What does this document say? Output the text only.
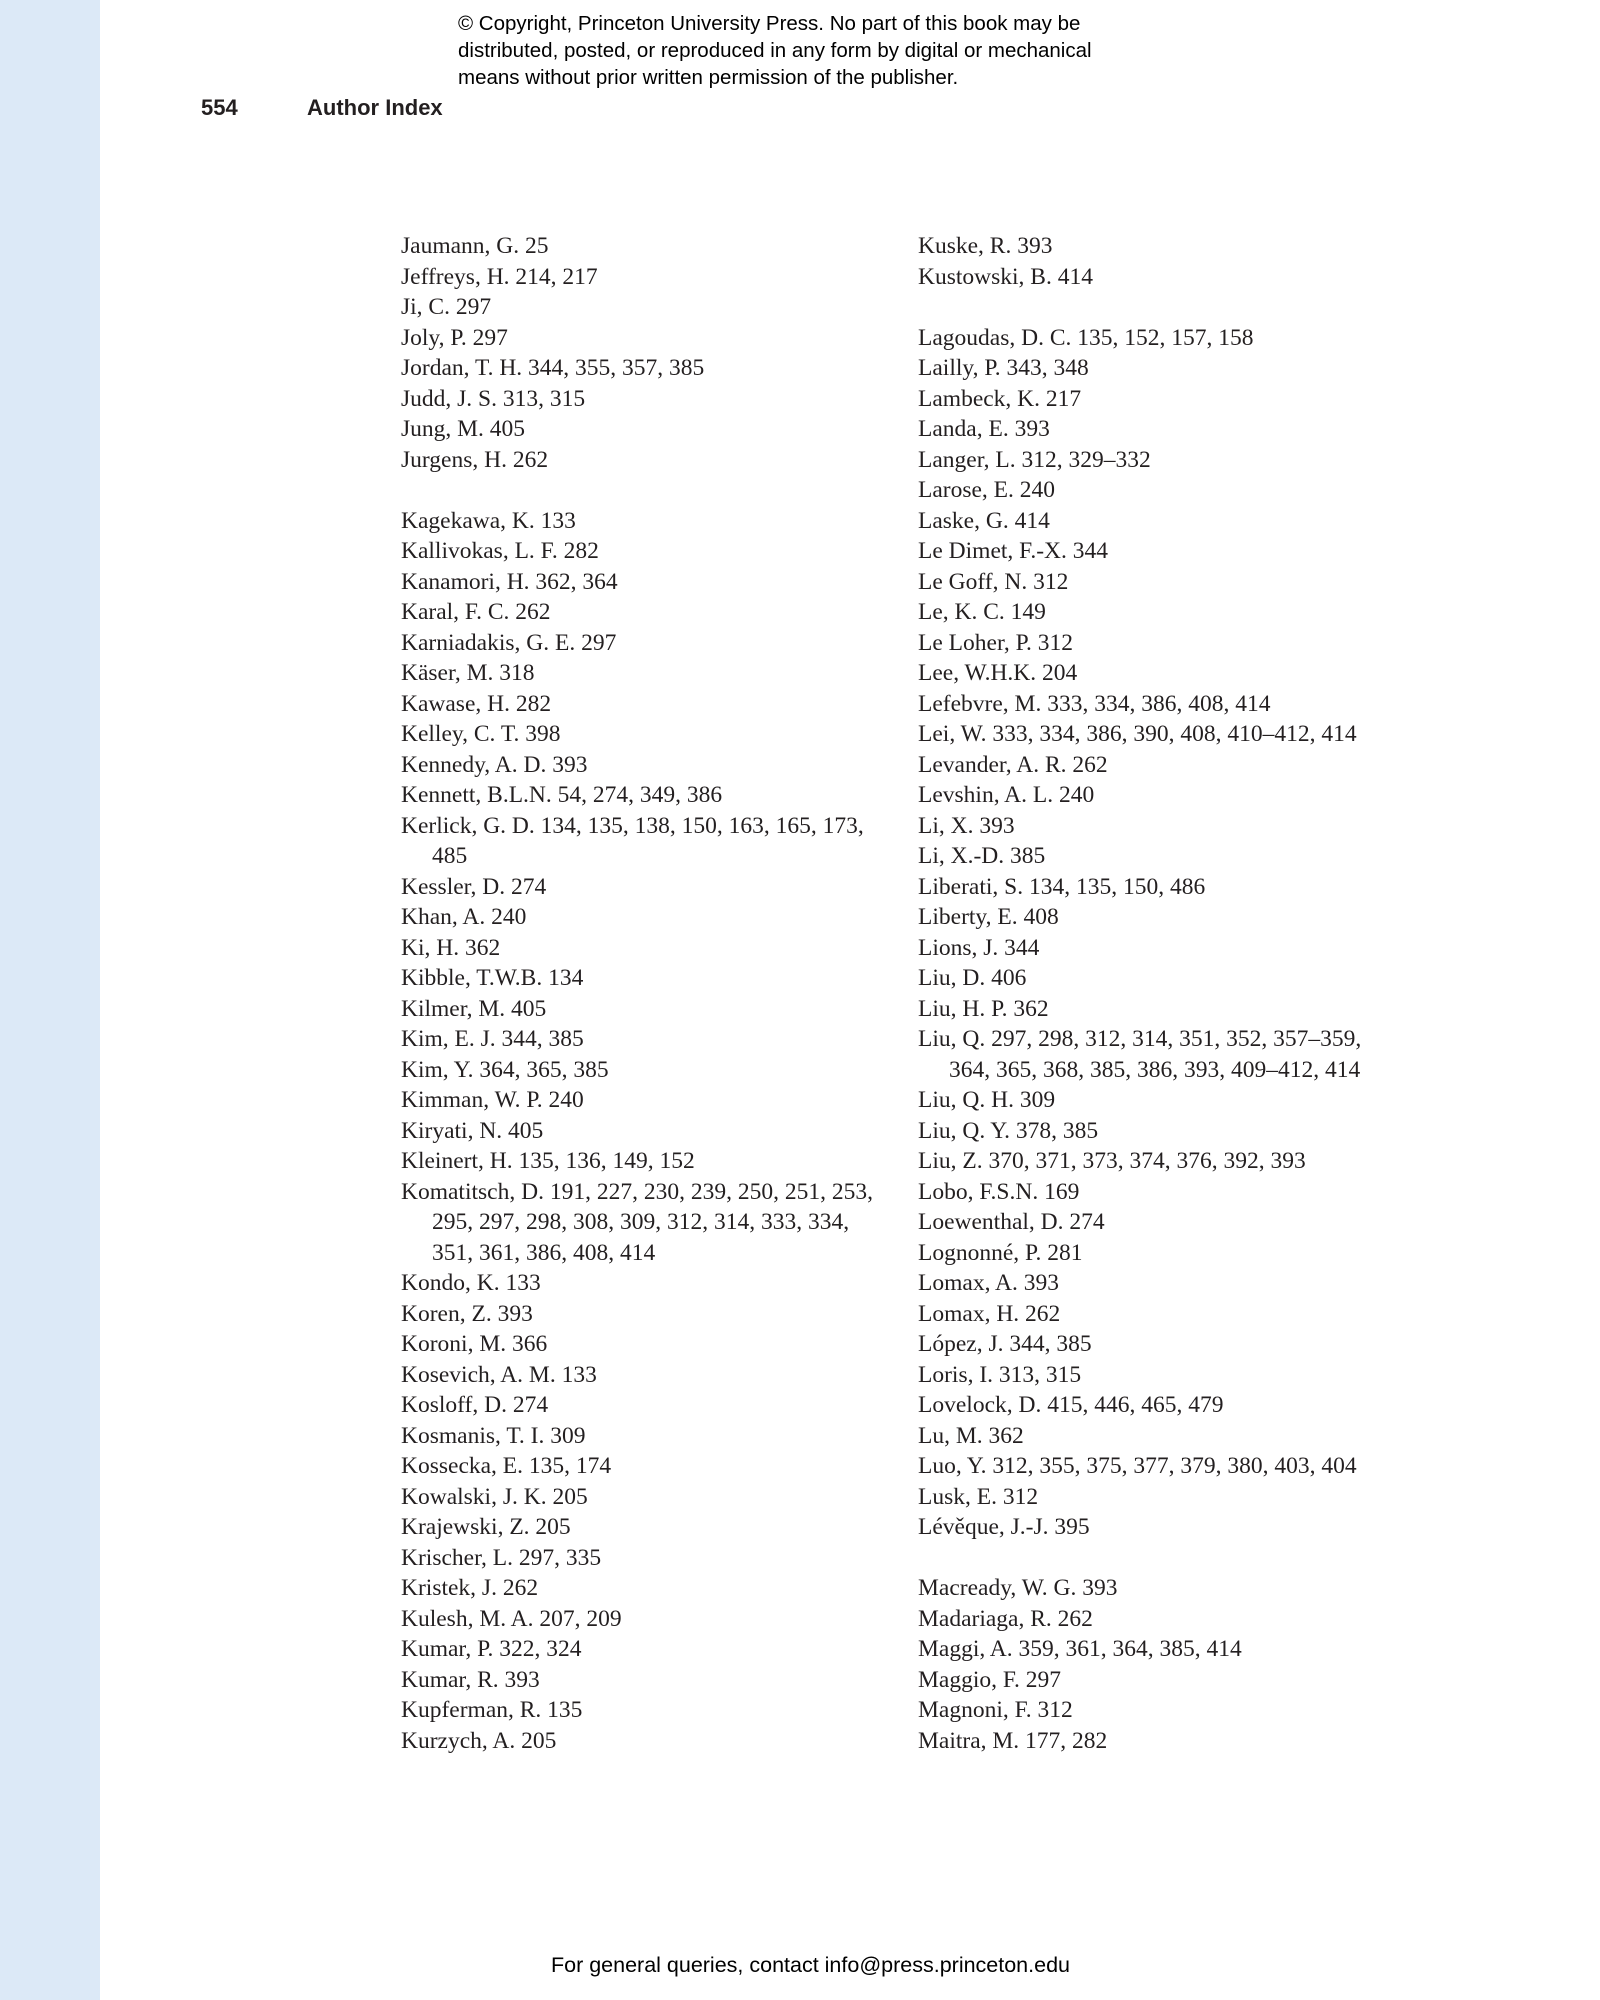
© Copyright, Princeton University Press. No part of this book may be
distributed, posted, or reproduced in any form by digital or mechanical
means without prior written permission of the publisher.
554	Author Index
Jaumann, G. 25
Jeffreys, H. 214, 217
Ji, C. 297
Joly, P. 297
Jordan, T. H. 344, 355, 357, 385
Judd, J. S. 313, 315
Jung, M. 405
Jurgens, H. 262
Kagekawa, K. 133
Kallivokas, L. F. 282
Kanamori, H. 362, 364
Karal, F. C. 262
Karniadakis, G. E. 297
Käser, M. 318
Kawase, H. 282
Kelley, C. T. 398
Kennedy, A. D. 393
Kennett, B.L.N. 54, 274, 349, 386
Kerlick, G. D. 134, 135, 138, 150, 163, 165, 173,
485
Kessler, D. 274
Khan, A. 240
Ki, H. 362
Kibble, T.W.B. 134
Kilmer, M. 405
Kim, E. J. 344, 385
Kim, Y. 364, 365, 385
Kimman, W. P. 240
Kiryati, N. 405
Kleinert, H. 135, 136, 149, 152
Komatitsch, D. 191, 227, 230, 239, 250, 251, 253,
295, 297, 298, 308, 309, 312, 314, 333, 334,
351, 361, 386, 408, 414
Kondo, K. 133
Koren, Z. 393
Koroni, M. 366
Kosevich, A. M. 133
Kosloff, D. 274
Kosmanis, T. I. 309
Kossecka, E. 135, 174
Kowalski, J. K. 205
Krajewski, Z. 205
Krischer, L. 297, 335
Kristek, J. 262
Kulesh, M. A. 207, 209
Kumar, P. 322, 324
Kumar, R. 393
Kupferman, R. 135
Kurzych, A. 205
Kuske, R. 393
Kustowski, B. 414
Lagoudas, D. C. 135, 152, 157, 158
Lailly, P. 343, 348
Lambeck, K. 217
Landa, E. 393
Langer, L. 312, 329–332
Larose, E. 240
Laske, G. 414
Le Dimet, F.-X. 344
Le Goff, N. 312
Le, K. C. 149
Le Loher, P. 312
Lee, W.H.K. 204
Lefebvre, M. 333, 334, 386, 408, 414
Lei, W. 333, 334, 386, 390, 408, 410–412, 414
Levander, A. R. 262
Levshin, A. L. 240
Li, X. 393
Li, X.-D. 385
Liberati, S. 134, 135, 150, 486
Liberty, E. 408
Lions, J. 344
Liu, D. 406
Liu, H. P. 362
Liu, Q. 297, 298, 312, 314, 351, 352, 357–359,
364, 365, 368, 385, 386, 393, 409–412, 414
Liu, Q. H. 309
Liu, Q. Y. 378, 385
Liu, Z. 370, 371, 373, 374, 376, 392, 393
Lobo, F.S.N. 169
Loewenthal, D. 274
Lognonné, P. 281
Lomax, A. 393
Lomax, H. 262
López, J. 344, 385
Loris, I. 313, 315
Lovelock, D. 415, 446, 465, 479
Lu, M. 362
Luo, Y. 312, 355, 375, 377, 379, 380, 403, 404
Lusk, E. 312
Lévěque, J.-J. 395
Macready, W. G. 393
Madariaga, R. 262
Maggi, A. 359, 361, 364, 385, 414
Maggio, F. 297
Magnoni, F. 312
Maitra, M. 177, 282
For general queries, contact info@press.princeton.edu
